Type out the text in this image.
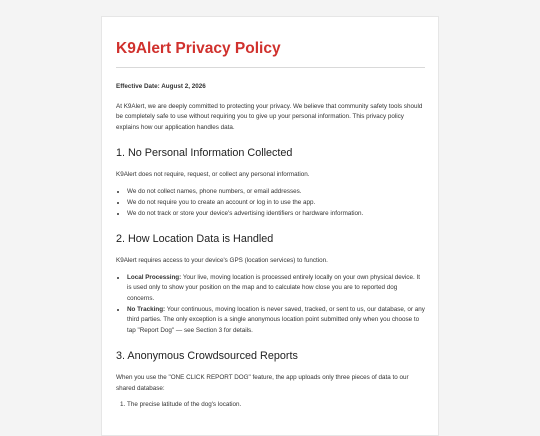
K9Alert Privacy Policy

Effective Date: August 2, 2026

At K9Alert, we are deeply committed to protecting your privacy. We believe that community safety tools should be completely safe to use without requiring you to give up your personal information. This privacy policy explains how our application handles data.

1. No Personal Information Collected

K9Alert does not require, request, or collect any personal information.

• We do not collect names, phone numbers, or email addresses.
• We do not require you to create an account or log in to use the app.
• We do not track or store your device's advertising identifiers or hardware information.
2. How Location Data is Handled

K9Alert requires access to your device's GPS (location services) to function.

• Local Processing: Your live, moving location is processed entirely locally on your own physical device. It is used only to show your position on the map and to calculate how close you are to reported dog concerns.
• No Tracking: Your continuous, moving location is never saved, tracked, or sent to us, our database, or any third parties. The only exception is a single anonymous location point submitted only when you choose to tap "Report Dog" — see Section 3 for details.
3. Anonymous Crowdsourced Reports

When you use the "ONE CLICK REPORT DOG" feature, the app uploads only three pieces of data to our shared database:

1. The precise latitude of the dog's location.
